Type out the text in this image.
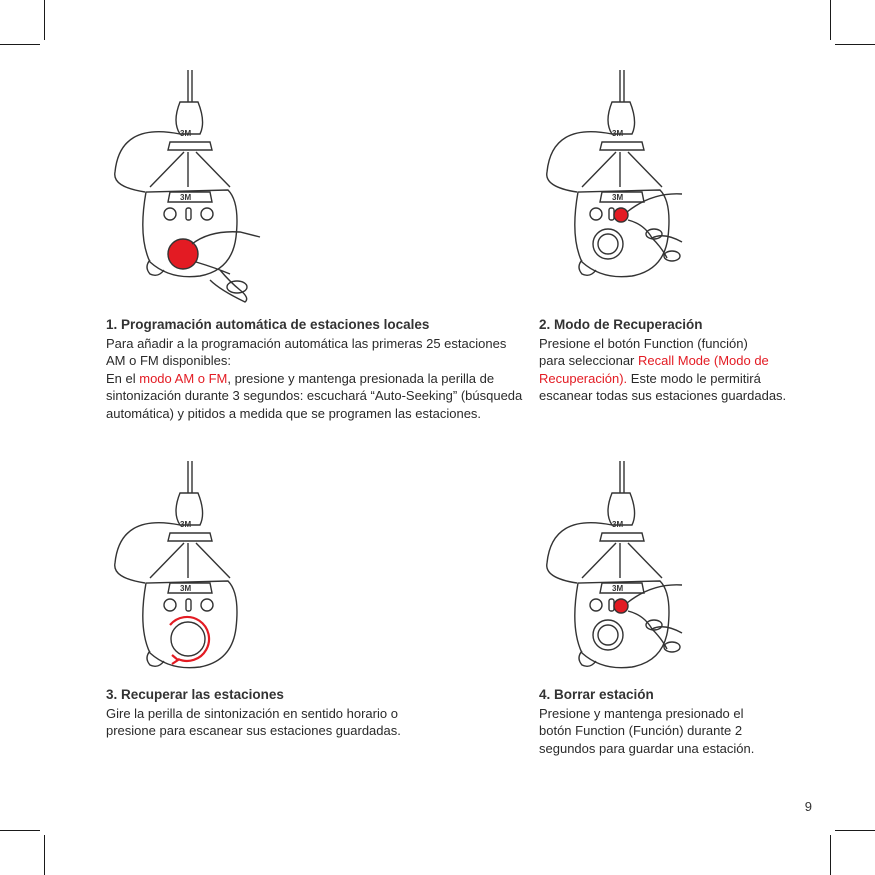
3M
3M
3M
3M
3M
3M
3M
3M
1. Programación automática de estaciones locales
Para añadir a la programación automática las primeras 25 estaciones
AM o FM disponibles:
En el modo AM o FM, presione y mantenga presionada la perilla de
sintonización durante 3 segundos: escuchará “Auto-Seeking” (búsqueda
automática) y pitidos a medida que se programen las estaciones.
2. Modo de Recuperación
Presione el botón Function (función)
para seleccionar Recall Mode (Modo de
Recuperación). Este modo le permitirá
escanear todas sus estaciones guardadas.
3. Recuperar las estaciones
Gire la perilla de sintonización en sentido horario o
presione para escanear sus estaciones guardadas.
4. Borrar estación
Presione y mantenga presionado el
botón Function (Función) durante 2
segundos para guardar una estación.
9
